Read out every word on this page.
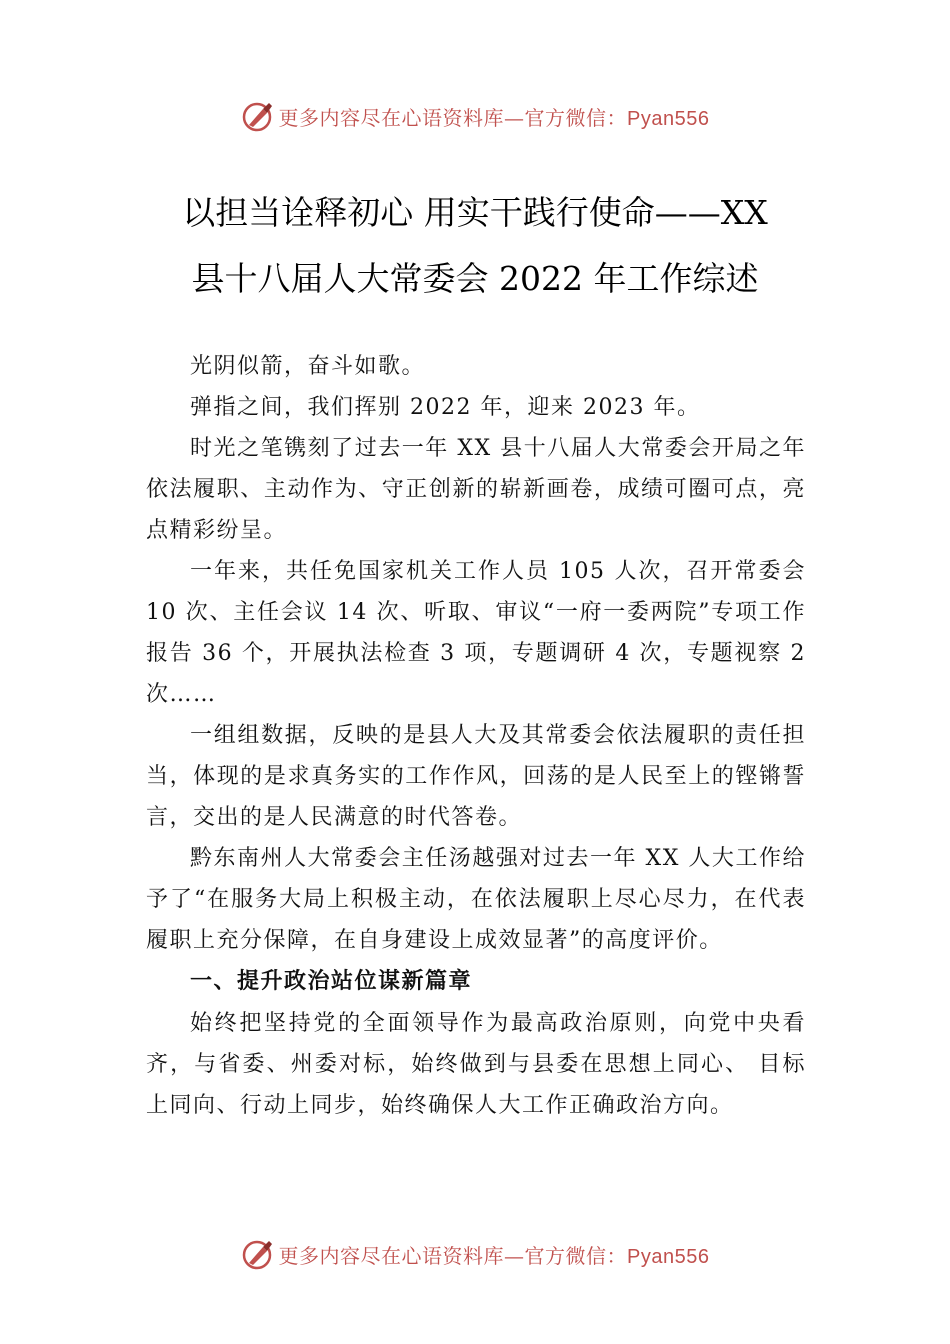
更多内容尽在心语资料库—官方微信：Pyan556
以担当诠释初心 用实干践行使命——XX
县十八届人大常委会 2022 年工作综述

光阴似箭，奋斗如歌。

弹指之间，我们挥别 2022 年，迎来 2023 年。

时光之笔镌刻了过去一年 XX 县十八届人大常委会开局之年依法履职、主动作为、守正创新的崭新画卷，成绩可圈可点，亮点精彩纷呈。

一年来，共任免国家机关工作人员 105 人次，召开常委会 10 次、主任会议 14 次、听取、审议“一府一委两院”专项工作报告 36 个，开展执法检查 3 项，专题调研 4 次，专题视察 2 次……

一组组数据，反映的是县人大及其常委会依法履职的责任担当，体现的是求真务实的工作作风，回荡的是人民至上的铿锵誓言，交出的是人民满意的时代答卷。

黔东南州人大常委会主任汤越强对过去一年 XX 人大工作给予了“在服务大局上积极主动，在依法履职上尽心尽力，在代表履职上充分保障，在自身建设上成效显著”的高度评价。

一、提升政治站位谋新篇章

始终把坚持党的全面领导作为最高政治原则，向党中央看齐，与省委、州委对标，始终做到与县委在思想上同心、 目标上同向、行动上同步，始终确保人大工作正确政治方向。

更多内容尽在心语资料库—官方微信：Pyan556
